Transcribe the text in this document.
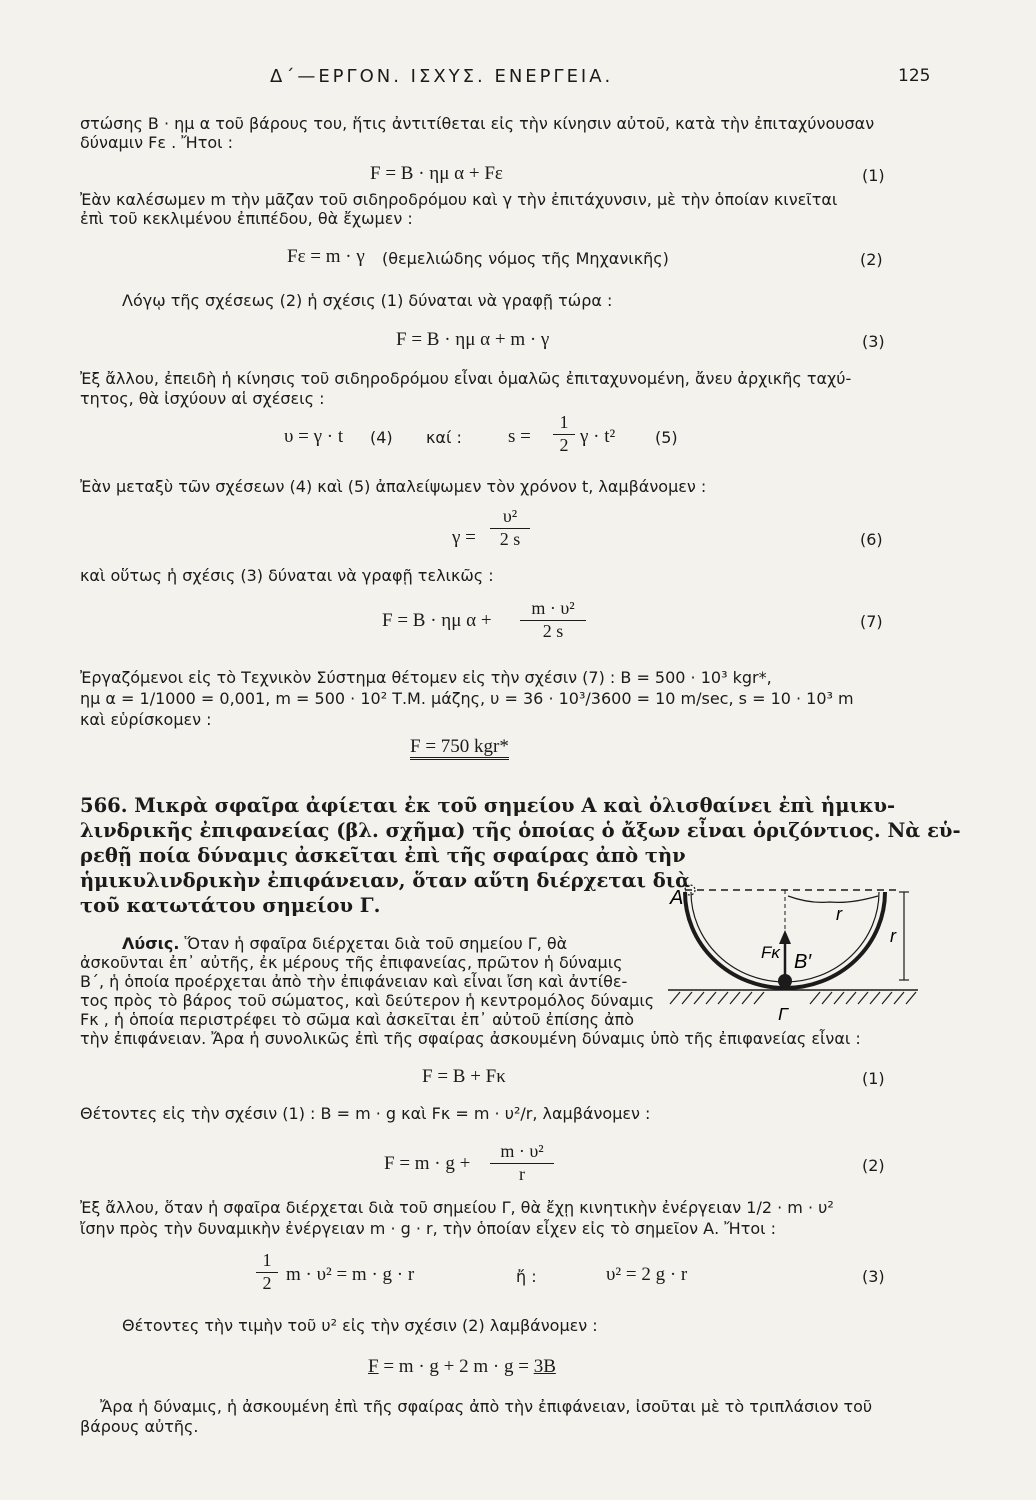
Δ΄—ΕΡΓΟΝ. ΙΣΧΥΣ. ΕΝΕΡΓΕΙΑ.	125
στώσης Β · ημ α τοῦ βάρους του, ἥτις ἀντιτίθεται εἰς τὴν κίνησιν αὐτοῦ, κατὰ τὴν ἐπιταχύνουσαν
δύναμιν Fε . Ἤτοι :
F = B · ημ α + Fε	(1)
Ἐὰν καλέσωμεν m τὴν μᾶζαν τοῦ σιδηροδρόμου καὶ γ τὴν ἐπιτάχυνσιν, μὲ τὴν ὁποίαν κινεῖται
ἐπὶ τοῦ κεκλιμένου ἐπιπέδου, θὰ ἔχωμεν :
Fε = m · γ (θεμελιώδης νόμος τῆς Μηχανικῆς)	(2)
Λόγῳ τῆς σχέσεως (2) ἡ σχέσις (1) δύναται νὰ γραφῇ τώρα :
F = B · ημ α + m · γ	(3)
Ἐξ ἄλλου, ἐπειδὴ ἡ κίνησις τοῦ σιδηροδρόμου εἶναι ὁμαλῶς ἐπιταχυνομένη, ἄνευ ἀρχικῆς ταχύ-
τητος, θὰ ἰσχύουν αἱ σχέσεις :
υ = γ · t (4) καί : s =
1
2 γ · t² (5)
Ἐὰν μεταξὺ τῶν σχέσεων (4) καὶ (5) ἀπαλείψωμεν τὸν χρόνον t, λαμβάνομεν :
γ =
υ²
2 s	(6)
καὶ οὕτως ἡ σχέσις (3) δύναται νὰ γραφῇ τελικῶς :
F = B · ημ α +
m · υ²
2 s	(7)
Ἐργαζόμενοι εἰς τὸ Τεχνικὸν Σύστημα θέτομεν εἰς τὴν σχέσιν (7) : Β = 500 · 10³ kgr*,
ημ α = 1/1000 = 0,001, m = 500 · 10² Τ.Μ. μάζης, υ = 36 · 10³/3600 = 10 m/sec, s = 10 · 10³ m
καὶ εὑρίσκομεν :
F = 750 kgr*
566. Μικρὰ σφαῖρα ἀφίεται ἐκ τοῦ σημείου Α καὶ ὀλισθαίνει ἐπὶ ἡμικυ-
λινδρικῆς ἐπιφανείας (βλ. σχῆμα) τῆς ὁποίας ὁ ἄξων εἶναι ὁριζόντιος. Νὰ εὑ-
ρεθῇ ποία δύναμις ἀσκεῖται ἐπὶ τῆς σφαίρας ἀπὸ τὴν
ἡμικυλινδρικὴν ἐπιφάνειαν, ὅταν αὕτη διέρχεται διὰ
τοῦ κατωτάτου σημείου Γ.	A
r
r
Fκ B′
Γ
Λύσις. Ὅταν ἡ σφαῖρα διέρχεται διὰ τοῦ σημείου Γ, θὰ
ἀσκοῦνται ἐπ᾽ αὐτῆς, ἐκ μέρους τῆς ἐπιφανείας, πρῶτον ἡ δύναμις
Β΄, ἡ ὁποία προέρχεται ἀπὸ τὴν ἐπιφάνειαν καὶ εἶναι ἴση καὶ ἀντίθε-
τος πρὸς τὸ βάρος τοῦ σώματος, καὶ δεύτερον ἡ κεντρομόλος δύναμις
Fκ , ἡ ὁποία περιστρέφει τὸ σῶμα καὶ ἀσκεῖται ἐπ᾽ αὐτοῦ ἐπίσης ἀπὸ
τὴν ἐπιφάνειαν. Ἄρα ἡ συνολικῶς ἐπὶ τῆς σφαίρας ἀσκουμένη δύναμις ὑπὸ τῆς ἐπιφανείας εἶναι :
F = B + Fκ	(1)
Θέτοντες εἰς τὴν σχέσιν (1) : Β = m · g καὶ Fκ = m · υ²/r, λαμβάνομεν :
F = m · g +
m · υ²
r	(2)
Ἐξ ἄλλου, ὅταν ἡ σφαῖρα διέρχεται διὰ τοῦ σημείου Γ, θὰ ἔχῃ κινητικὴν ἐνέργειαν 1/2 · m · υ²
ἴσην πρὸς τὴν δυναμικὴν ἐνέργειαν m · g · r, τὴν ὁποίαν εἶχεν εἰς τὸ σημεῖον Α. Ἤτοι :
1
2 m · υ² = m · g · r	ἤ :	υ² = 2 g · r	(3)
Θέτοντες τὴν τιμὴν τοῦ υ² εἰς τὴν σχέσιν (2) λαμβάνομεν :
F = m · g + 2 m · g = 3B
Ἄρα ἡ δύναμις, ἡ ἀσκουμένη ἐπὶ τῆς σφαίρας ἀπὸ τὴν ἐπιφάνειαν, ἰσοῦται μὲ τὸ τριπλάσιον τοῦ
βάρους αὐτῆς.
